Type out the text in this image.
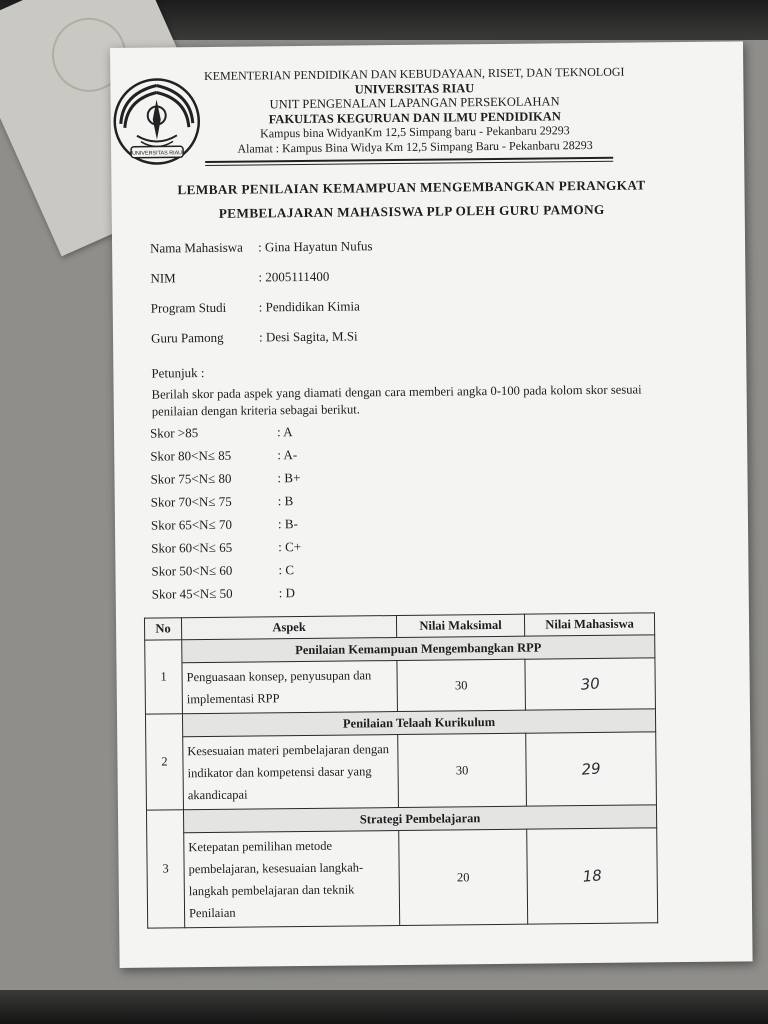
UNIVERSITAS RIAU
KEMENTERIAN PENDIDIKAN DAN KEBUDAYAAN, RISET, DAN TEKNOLOGI
UNIVERSITAS RIAU
UNIT PENGENALAN LAPANGAN PERSEKOLAHAN
FAKULTAS KEGURUAN DAN ILMU PENDIDIKAN
Kampus bina WidyanKm 12,5 Simpang baru - Pekanbaru 29293
Alamat : Kampus Bina Widya Km 12,5 Simpang Baru - Pekanbaru 28293
LEMBAR PENILAIAN KEMAMPUAN MENGEMBANGKAN PERANGKAT
PEMBELAJARAN MAHASISWA PLP OLEH GURU PAMONG
Nama Mahasiswa : Gina Hayatun Nufus
NIM	: 2005111400
Program Studi : Pendidikan Kimia
Guru Pamong	: Desi Sagita, M.Si
Petunjuk :
Berilah skor pada aspek yang diamati dengan cara memberi angka 0-100 pada kolom skor sesuai penilaian dengan kriteria sebagai berikut.
Skor >85	: A
Skor 80<N≤ 85	: A-
Skor 75<N≤ 80	: B+
Skor 70<N≤ 75	: B
Skor 65<N≤ 70	: B-
Skor 60<N≤ 65	: C+
Skor 50<N≤ 60	: C
Skor 45<N≤ 50	: D
No	Aspek	Nilai Maksimal	Nilai Mahasiswa
1	Penilaian Kemampuan Mengembangkan RPP		
	Penguasaan konsep, penyusupan dan implementasi RPP	30	30
2	Penilaian Telaah Kurikulum		
	Kesesuaian materi pembelajaran dengan indikator dan kompetensi dasar yang akandicapai	30	29
3	Strategi Pembelajaran		
	Ketepatan pemilihan metode pembelajaran, kesesuaian langkah-langkah pembelajaran dan teknik Penilaian	20	18
